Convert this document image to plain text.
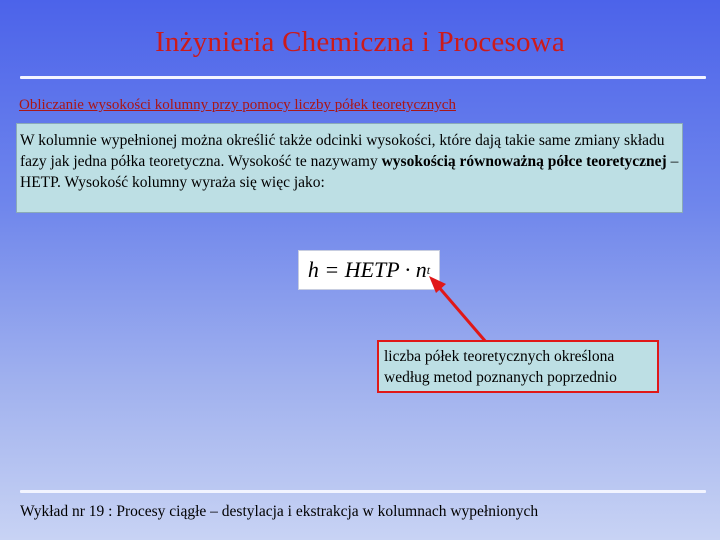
Inżynieria Chemiczna i Procesowa
Obliczanie wysokości kolumny przy pomocy liczby półek teoretycznych
W kolumnie wypełnionej można określić także odcinki wysokości, które dają takie same zmiany składu fazy jak jedna półka teoretyczna. Wysokość te nazywamy wysokością równoważną półce teoretycznej – HETP. Wysokość kolumny wyraża się więc jako:
h = HETP · n t
liczba półek teoretycznych określona według metod poznanych poprzednio
Wykład nr 19 : Procesy ciągłe – destylacja i ekstrakcja w kolumnach wypełnionych
